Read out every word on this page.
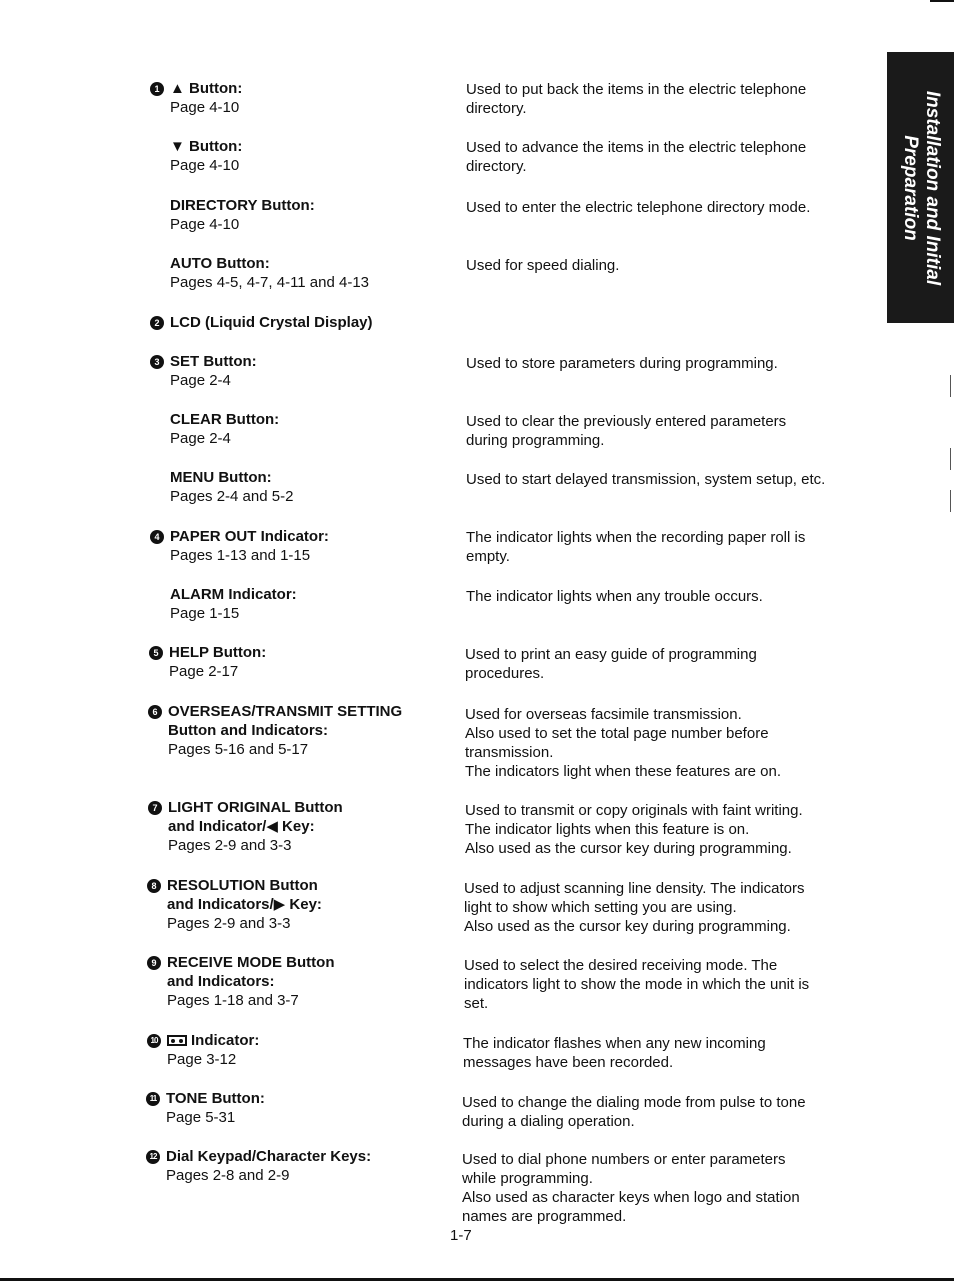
Installation and Initial
Preparation
1 ▲ Button:
Page 4-10
Used to put back the items in the electric telephone
directory.
▼ Button:
Page 4-10
Used to advance the items in the electric telephone
directory.
DIRECTORY Button:
Page 4-10
Used to enter the electric telephone directory mode.
AUTO Button:
Pages 4-5, 4-7, 4-11 and 4-13
Used for speed dialing.
2 LCD (Liquid Crystal Display)
3 SET Button:
Page 2-4
Used to store parameters during programming.
CLEAR Button:
Page 2-4
Used to clear the previously entered parameters
during programming.
MENU Button:
Pages 2-4 and 5-2
Used to start delayed transmission, system setup, etc.
4 PAPER OUT Indicator:
Pages 1-13 and 1-15
The indicator lights when the recording paper roll is
empty.
ALARM Indicator:
Page 1-15
The indicator lights when any trouble occurs.
5 HELP Button:
Page 2-17
Used to print an easy guide of programming
procedures.
6 OVERSEAS/TRANSMIT SETTING
Button and Indicators:
Pages 5-16 and 5-17
Used for overseas facsimile transmission.
Also used to set the total page number before
transmission.
The indicators light when these features are on.
7 LIGHT ORIGINAL Button
and Indicator/◀ Key:
Pages 2-9 and 3-3
Used to transmit or copy originals with faint writing.
The indicator lights when this feature is on.
Also used as the cursor key during programming.
8 RESOLUTION Button
and Indicators/▶ Key:
Pages 2-9 and 3-3
Used to adjust scanning line density. The indicators
light to show which setting you are using.
Also used as the cursor key during programming.
9 RECEIVE MODE Button
and Indicators:
Pages 1-18 and 3-7
Used to select the desired receiving mode. The
indicators light to show the mode in which the unit is
set.
10	Indicator:
Page 3-12
The indicator flashes when any new incoming
messages have been recorded.
11 TONE Button:
Page 5-31
Used to change the dialing mode from pulse to tone
during a dialing operation.
12 Dial Keypad/Character Keys:
Pages 2-8 and 2-9
Used to dial phone numbers or enter parameters
while programming.
Also used as character keys when logo and station
names are programmed.
1-7
